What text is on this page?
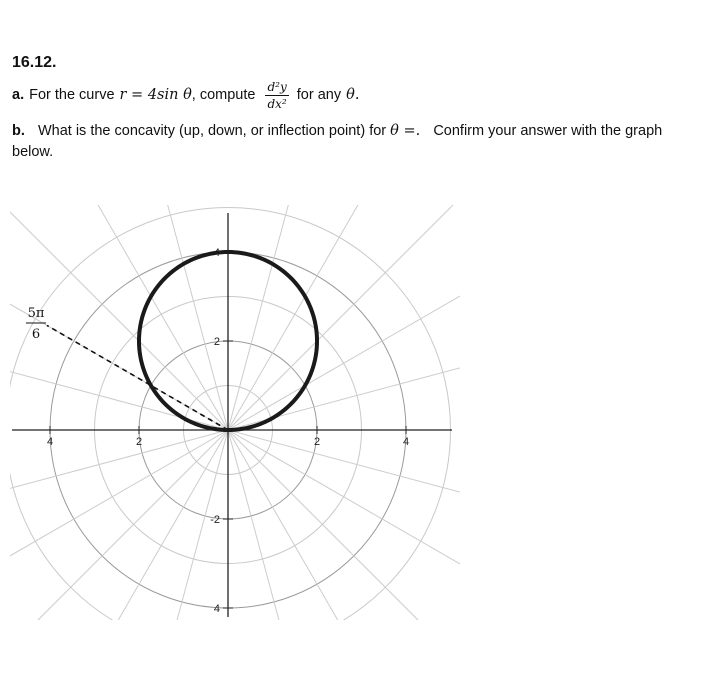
16.12.
a. For the curve r = 4sin θ , compute $\frac{\text{d²y}}{\text{dx²}}$ for any θ.
b. What is the concavity (up, down, or inflection point) for θ =. Confirm your answer with the graph below.
4	2	2	4
4
2
-2
4
5π
6
